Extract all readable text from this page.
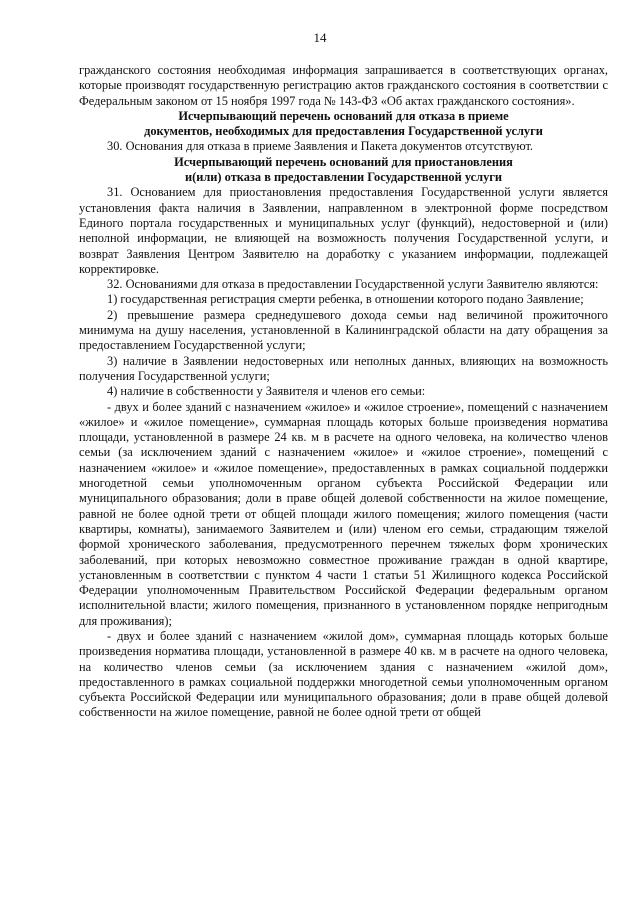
14

гражданского состояния необходимая информация запрашивается в соответствующих органах, которые производят государственную регистрацию актов гражданского состояния в соответствии с Федеральным законом от 15 ноября 1997 года № 143-ФЗ «Об актах гражданского состояния».

Исчерпывающий перечень оснований для отказа в приеме
документов, необходимых для предоставления Государственной услуги

30. Основания для отказа в приеме Заявления и Пакета документов отсутствуют.

Исчерпывающий перечень оснований для приостановления
и(или) отказа в предоставлении Государственной услуги

31. Основанием для приостановления предоставления Государственной услуги является установления факта наличия в Заявлении, направленном в электронной форме посредством Единого портала государственных и муниципальных услуг (функций), недостоверной и (или) неполной информации, не влияющей на возможность получения Государственной услуги, и возврат Заявления Центром Заявителю на доработку с указанием информации, подлежащей корректировке.

32. Основаниями для отказа в предоставлении Государственной услуги Заявителю являются:

1) государственная регистрация смерти ребенка, в отношении которого подано Заявление;

2) превышение размера среднедушевого дохода семьи над величиной прожиточного минимума на душу населения, установленной в Калининградской области на дату обращения за предоставлением Государственной услуги;

3) наличие в Заявлении недостоверных или неполных данных, влияющих на возможность получения Государственной услуги;

4) наличие в собственности у Заявителя и членов его семьи:

- двух и более зданий с назначением «жилое» и «жилое строение», помещений с назначением «жилое» и «жилое помещение», суммарная площадь которых больше произведения норматива площади, установленной в размере 24 кв. м в расчете на одного человека, на количество членов семьи (за исключением зданий с назначением «жилое» и «жилое строение», помещений с назначением «жилое» и «жилое помещение», предоставленных в рамках социальной поддержки многодетной семьи уполномоченным органом субъекта Российской Федерации или муниципального образования; доли в праве общей долевой собственности на жилое помещение, равной не более одной трети от общей площади жилого помещения; жилого помещения (части квартиры, комнаты), занимаемого Заявителем и (или) членом его семьи, страдающим тяжелой формой хронического заболевания, предусмотренного перечнем тяжелых форм хронических заболеваний, при которых невозможно совместное проживание граждан в одной квартире, установленным в соответствии с пунктом 4 части 1 статьи 51 Жилищного кодекса Российской Федерации уполномоченным Правительством Российской Федерации федеральным органом исполнительной власти; жилого помещения, признанного в установленном порядке непригодным для проживания);

- двух и более зданий с назначением «жилой дом», суммарная площадь которых больше произведения норматива площади, установленной в размере 40 кв. м в расчете на одного человека, на количество членов семьи (за исключением здания с назначением «жилой дом», предоставленного в рамках социальной поддержки многодетной семьи уполномоченным органом субъекта Российской Федерации или муниципального образования; доли в праве общей долевой собственности на жилое помещение, равной не более одной трети от общей
